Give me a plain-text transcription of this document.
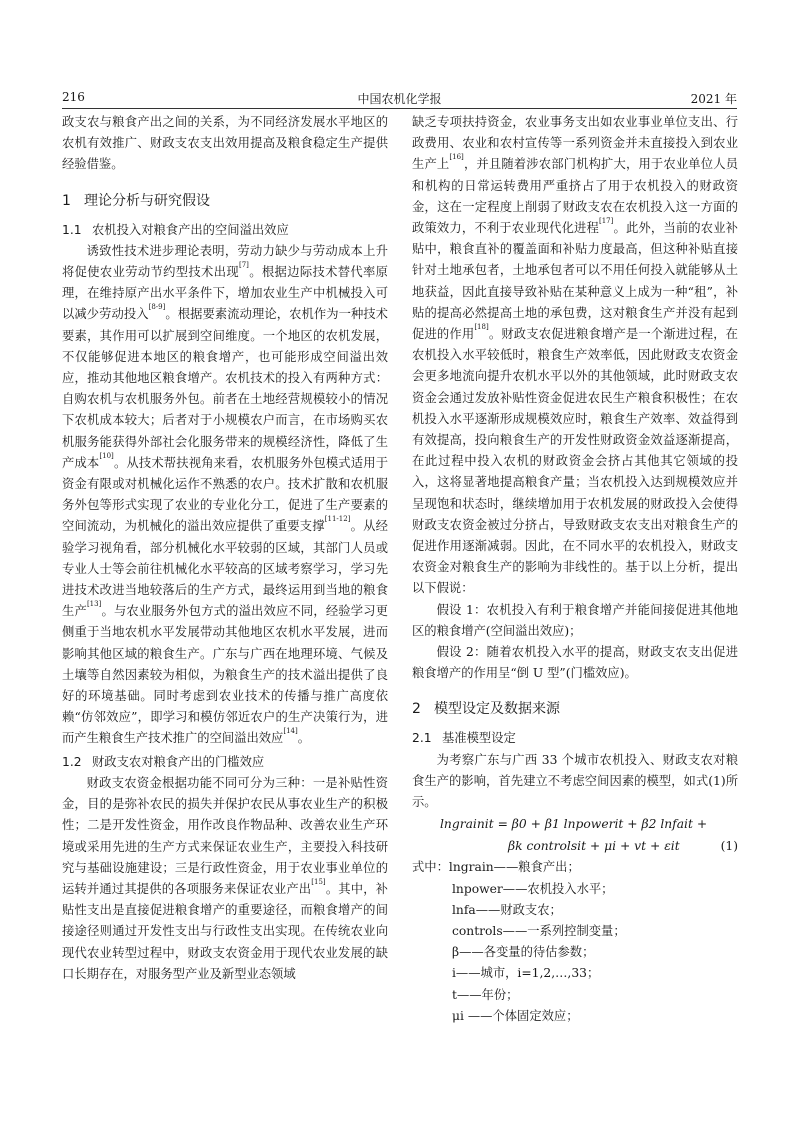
216	中国农机化学报	2021 年

政支农与粮食产出之间的关系，为不同经济发展水平地区的农机有效推广、财政支农支出效用提高及粮食稳定生产提供经验借鉴。

1 理论分析与研究假设
1.1 农机投入对粮食产出的空间溢出效应

诱致性技术进步理论表明，劳动力缺少与劳动成本上升将促使农业劳动节约型技术出现[7]。根据边际技术替代率原理，在维持原产出水平条件下，增加农业生产中机械投入可以减少劳动投入[8-9]。根据要素流动理论，农机作为一种技术要素，其作用可以扩展到空间维度。一个地区的农机发展，不仅能够促进本地区的粮食增产，也可能形成空间溢出效应，推动其他地区粮食增产。农机技术的投入有两种方式：自购农机与农机服务外包。前者在土地经营规模较小的情况下农机成本较大；后者对于小规模农户而言，在市场购买农机服务能获得外部社会化服务带来的规模经济性，降低了生产成本[10]。从技术帮扶视角来看，农机服务外包模式适用于资金有限或对机械化运作不熟悉的农户。技术扩散和农机服务外包等形式实现了农业的专业化分工，促进了生产要素的空间流动，为机械化的溢出效应提供了重要支撑[11-12]。从经验学习视角看，部分机械化水平较弱的区域，其部门人员或专业人士等会前往机械化水平较高的区域考察学习，学习先进技术改进当地较落后的生产方式，最终运用到当地的粮食生产[13]。与农业服务外包方式的溢出效应不同，经验学习更侧重于当地农机水平发展带动其他地区农机水平发展，进而影响其他区域的粮食生产。广东与广西在地理环境、气候及土壤等自然因素较为相似，为粮食生产的技术溢出提供了良好的环境基础。同时考虑到农业技术的传播与推广高度依赖“仿邻效应”，即学习和模仿邻近农户的生产决策行为，进而产生粮食生产技术推广的空间溢出效应[14]。

1.2 财政支农对粮食产出的门槛效应

财政支农资金根据功能不同可分为三种：一是补贴性资金，目的是弥补农民的损失并保护农民从事农业生产的积极性；二是开发性资金，用作改良作物品种、改善农业生产环境或采用先进的生产方式来保证农业生产，主要投入科技研究与基础设施建设；三是行政性资金，用于农业事业单位的运转并通过其提供的各项服务来保证农业产出[15]。其中，补贴性支出是直接促进粮食增产的重要途径，而粮食增产的间接途径则通过开发性支出与行政性支出实现。在传统农业向现代农业转型过程中，财政支农资金用于现代农业发展的缺口长期存在，对服务型产业及新型业态领域

缺乏专项扶持资金，农业事务支出如农业事业单位支出、行政费用、农业和农村宣传等一系列资金并未直接投入到农业生产上[16]，并且随着涉农部门机构扩大，用于农业单位人员和机构的日常运转费用严重挤占了用于农机投入的财政资金，这在一定程度上削弱了财政支农在农机投入这一方面的政策效力，不利于农业现代化进程[17]。此外，当前的农业补贴中，粮食直补的覆盖面和补贴力度最高，但这种补贴直接针对土地承包者，土地承包者可以不用任何投入就能够从土地获益，因此直接导致补贴在某种意义上成为一种“租”，补贴的提高必然提高土地的承包费，这对粮食生产并没有起到促进的作用[18]。财政支农促进粮食增产是一个渐进过程，在农机投入水平较低时，粮食生产效率低，因此财政支农资金会更多地流向提升农机水平以外的其他领域，此时财政支农资金会通过发放补贴性资金促进农民生产粮食积极性；在农机投入水平逐渐形成规模效应时，粮食生产效率、效益得到有效提高，投向粮食生产的开发性财政资金效益逐渐提高，在此过程中投入农机的财政资金会挤占其他其它领域的投入，这将显著地提高粮食产量；当农机投入达到规模效应并呈现饱和状态时，继续增加用于农机发展的财政投入会使得财政支农资金被过分挤占，导致财政支农支出对粮食生产的促进作用逐渐减弱。因此，在不同水平的农机投入，财政支农资金对粮食生产的影响为非线性的。基于以上分析，提出以下假说：

假设 1：农机投入有利于粮食增产并能间接促进其他地区的粮食增产(空间溢出效应)；

假设 2：随着农机投入水平的提高，财政支农支出促进粮食增产的作用呈“倒 U 型”(门槛效应)。

2 模型设定及数据来源
2.1 基准模型设定

为考察广东与广西 33 个城市农机投入、财政支农对粮食生产的影响，首先建立不考虑空间因素的模型，如式(1)所示。

lngrainit = β0 + β1 lnpowerit + β2 lnfait +
βk controlsit + μi + vt + εit	(1)

式中：lngrain——粮食产出；

lnpower——农机投入水平；

lnfa——财政支农；

controls——一系列控制变量；

β——各变量的待估参数；

i——城市，i=1,2,…,33；

t——年份；

μi ——个体固定效应；
